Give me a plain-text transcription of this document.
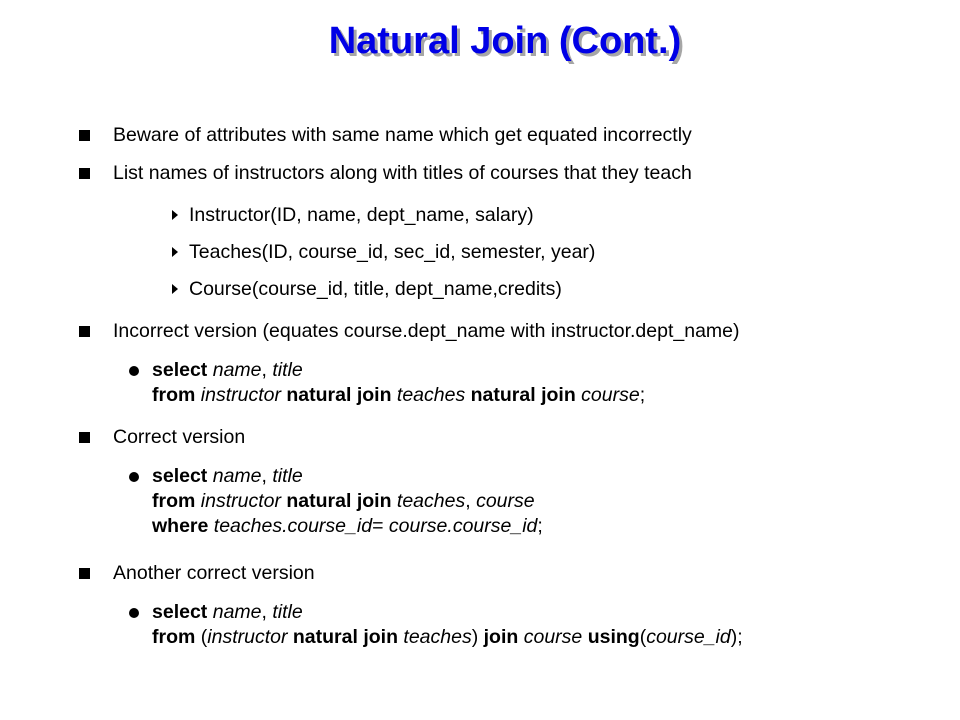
Natural Join (Cont.)
Beware of attributes with same name which get equated incorrectly
List names of instructors along with titles of courses that they teach
Instructor(ID, name, dept_name, salary)
Teaches(ID, course_id, sec_id, semester, year)
Course(course_id, title, dept_name,credits)
Incorrect version (equates course.dept_name with instructor.dept_name)
select name, title
from instructor natural join teaches natural join course;
Correct version
select name, title
from instructor natural join teaches, course
where teaches.course_id= course.course_id;
Another correct version
select name, title
from (instructor natural join teaches) join course using(course_id);
